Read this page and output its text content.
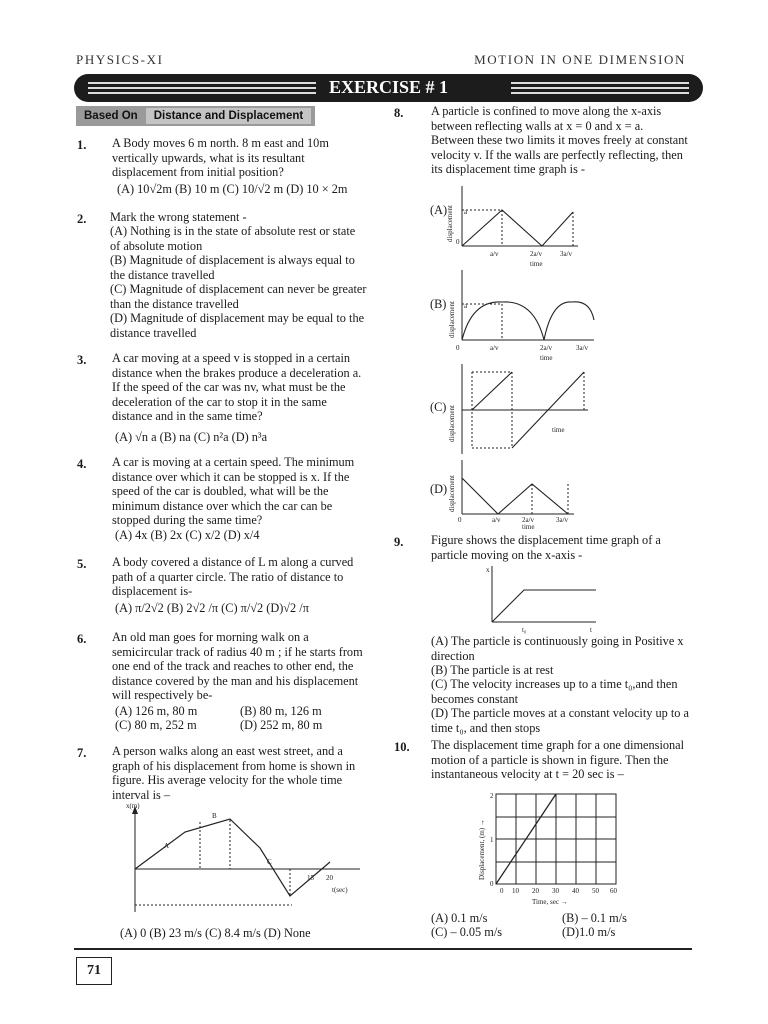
PHYSICS-XI	MOTION IN ONE DIMENSION
EXERCISE # 1
Based On	Distance and Displacement
1. A Body moves 6 m north. 8 m east and 10m vertically upwards, what is its resultant displacement from initial position?
(A) 10√2m (B) 10 m (C) 10/√2 m (D) 10 × 2m
2. Mark the wrong statement -
(A) Nothing is in the state of absolute rest or state of absolute motion
(B) Magnitude of displacement is always equal to the distance travelled
(C) Magnitude of displacement can never be greater than the distance travelled
(D) Magnitude of displacement may be equal to the distance travelled
3. A car moving at a speed v is stopped in a certain distance when the brakes produce a deceleration a. If the speed of the car was nv, what must be the deceleration of the car to stop it in the same distance and in the same time?
(A) √n a (B) na (C) n²a (D) n³a
4. A car is moving at a certain speed. The minimum distance over which it can be stopped is x. If the speed of the car is doubled, what will be the minimum distance over which the car can be stopped during the same time?
(A) 4x (B) 2x (C) x/2 (D) x/4
5. A body covered a distance of L m along a curved path of a quarter circle. The ratio of distance to displacement is-
(A) π/2√2 (B) 2√2 /π (C) π/√2 (D)√2 /π
6. An old man goes for morning walk on a semicircular track of radius 40 m ; if he starts from one end of the track and reaches to other end, the distance covered by the man and his displacement will respectively be-
(A) 126 m, 80 m	(B) 80 m, 126 m
(C) 80 m, 252 m	(D) 252 m, 80 m
7. A person walks along an east west street, and a graph of his displacement from home is shown in figure. His average velocity for the whole time interval is –
x(m)
A
B
C
15 20
t(sec)
(A) 0 (B) 23 m/s (C) 8.4 m/s (D) None
8. A particle is confined to move along the x-axis between reflecting walls at x = 0 and x = a. Between these two limits it moves freely at constant velocity v. If the walls are perfectly reflecting, then its displacement time graph is -
(A)
0
a
a/v	2a/v	3a/v
time
displacement
(B)
0
a
a/v	2a/v	3a/v
time
displacement
(C)
time
displacement
(D)
0	a/v	2a/v	3a/v
time
displacement
9. Figure shows the displacement time graph of a particle moving on the x-axis -
x
t₀	t
(A) The particle is continuously going in Positive x direction
(B) The particle is at rest
(C) The velocity increases up to a time t₀,and then becomes constant
(D) The particle moves at a constant velocity up to a time t₀, and then stops
10. The displacement time graph for a one dimensional motion of a particle is shown in figure. Then the instantaneous velocity at t = 20 sec is –
0 10 20 30 40 50 60
0
1
2
Time, sec →
Displacement, (m) →
(A) 0.1 m/s	(B) – 0.1 m/s
(C) – 0.05 m/s	(D)1.0 m/s
71
